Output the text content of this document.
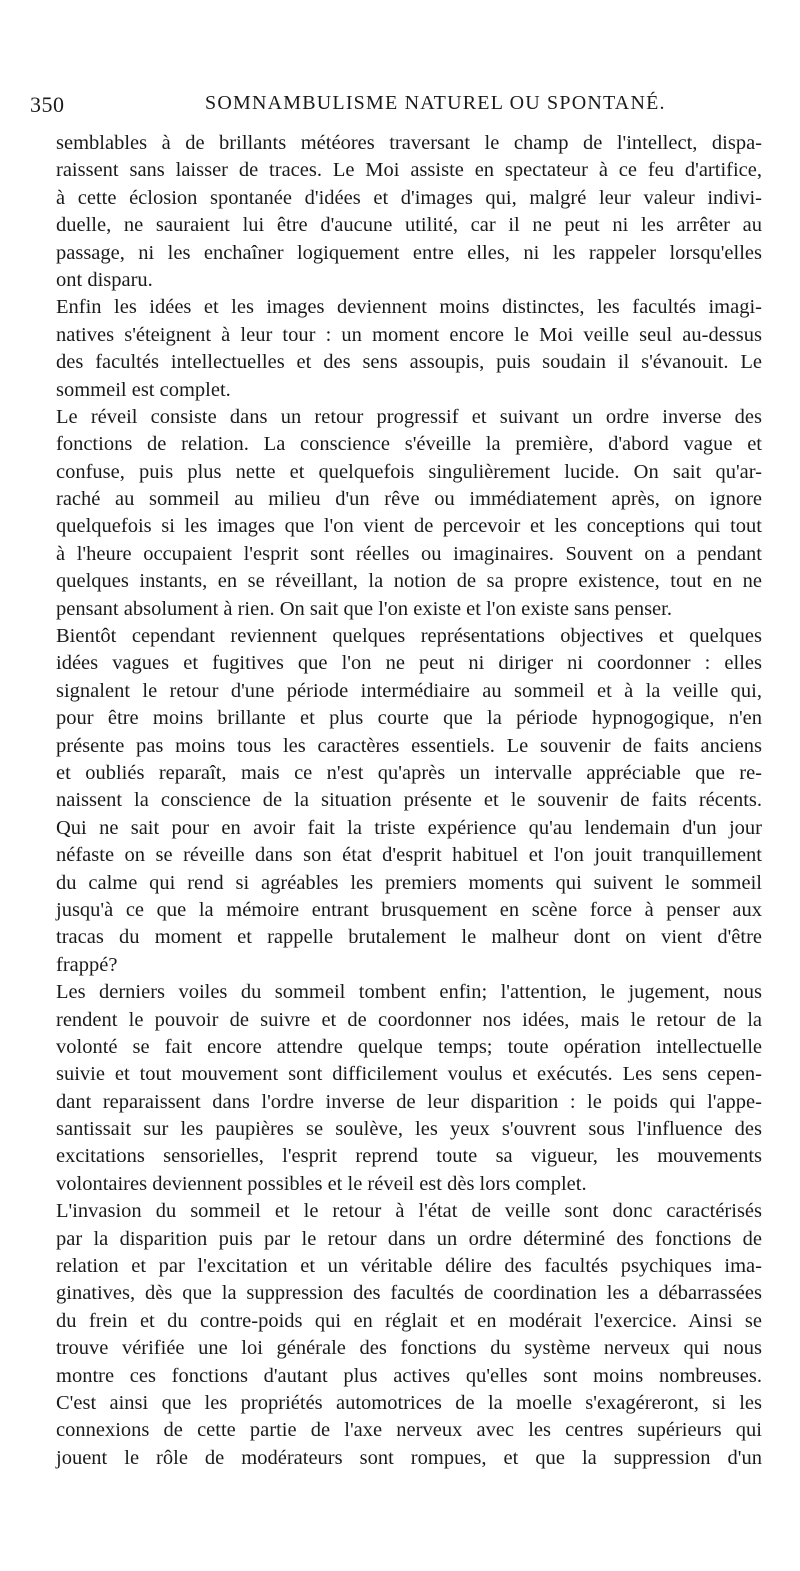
350	SOMNAMBULISME NATUREL OU SPONTANÉ.
semblables à de brillants météores traversant le champ de l'intellect, dispa-
raissent sans laisser de traces. Le Moi assiste en spectateur à ce feu d'artifice,
à cette éclosion spontanée d'idées et d'images qui, malgré leur valeur indivi-
duelle, ne sauraient lui être d'aucune utilité, car il ne peut ni les arrêter au
passage, ni les enchaîner logiquement entre elles, ni les rappeler lorsqu'elles
ont disparu.
Enfin les idées et les images deviennent moins distinctes, les facultés imagi-
natives s'éteignent à leur tour : un moment encore le Moi veille seul au-dessus
des facultés intellectuelles et des sens assoupis, puis soudain il s'évanouit. Le
sommeil est complet.
Le réveil consiste dans un retour progressif et suivant un ordre inverse des
fonctions de relation. La conscience s'éveille la première, d'abord vague et
confuse, puis plus nette et quelquefois singulièrement lucide. On sait qu'ar-
raché au sommeil au milieu d'un rêve ou immédiatement après, on ignore
quelquefois si les images que l'on vient de percevoir et les conceptions qui tout
à l'heure occupaient l'esprit sont réelles ou imaginaires. Souvent on a pendant
quelques instants, en se réveillant, la notion de sa propre existence, tout en ne
pensant absolument à rien. On sait que l'on existe et l'on existe sans penser.
Bientôt cependant reviennent quelques représentations objectives et quelques
idées vagues et fugitives que l'on ne peut ni diriger ni coordonner : elles
signalent le retour d'une période intermédiaire au sommeil et à la veille qui,
pour être moins brillante et plus courte que la période hypnogogique, n'en
présente pas moins tous les caractères essentiels. Le souvenir de faits anciens
et oubliés reparaît, mais ce n'est qu'après un intervalle appréciable que re-
naissent la conscience de la situation présente et le souvenir de faits récents.
Qui ne sait pour en avoir fait la triste expérience qu'au lendemain d'un jour
néfaste on se réveille dans son état d'esprit habituel et l'on jouit tranquillement
du calme qui rend si agréables les premiers moments qui suivent le sommeil
jusqu'à ce que la mémoire entrant brusquement en scène force à penser aux
tracas du moment et rappelle brutalement le malheur dont on vient d'être
frappé?
Les derniers voiles du sommeil tombent enfin; l'attention, le jugement, nous
rendent le pouvoir de suivre et de coordonner nos idées, mais le retour de la
volonté se fait encore attendre quelque temps; toute opération intellectuelle
suivie et tout mouvement sont difficilement voulus et exécutés. Les sens cepen-
dant reparaissent dans l'ordre inverse de leur disparition : le poids qui l'appe-
santissait sur les paupières se soulève, les yeux s'ouvrent sous l'influence des
excitations sensorielles, l'esprit reprend toute sa vigueur, les mouvements
volontaires deviennent possibles et le réveil est dès lors complet.
L'invasion du sommeil et le retour à l'état de veille sont donc caractérisés
par la disparition puis par le retour dans un ordre déterminé des fonctions de
relation et par l'excitation et un véritable délire des facultés psychiques ima-
ginatives, dès que la suppression des facultés de coordination les a débarrassées
du frein et du contre-poids qui en réglait et en modérait l'exercice. Ainsi se
trouve vérifiée une loi générale des fonctions du système nerveux qui nous
montre ces fonctions d'autant plus actives qu'elles sont moins nombreuses.
C'est ainsi que les propriétés automotrices de la moelle s'exagéreront, si les
connexions de cette partie de l'axe nerveux avec les centres supérieurs qui
jouent le rôle de modérateurs sont rompues, et que la suppression d'un
